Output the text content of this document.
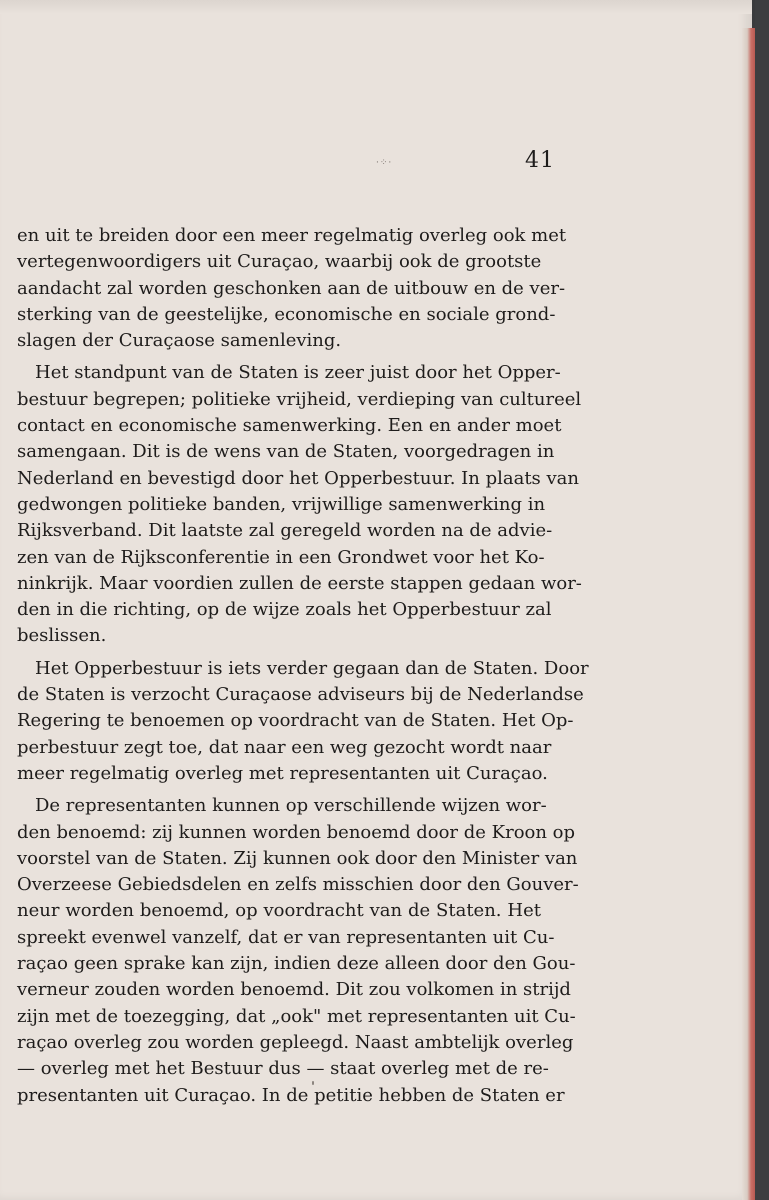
·⁘·	41

en uit te breiden door een meer regelmatig overleg ook met
vertegenwoordigers uit Curaçao, waarbij ook de grootste
aandacht zal worden geschonken aan de uitbouw en de ver-
sterking van de geestelijke, economische en sociale grond-
slagen der Curaçaose samenleving.

Het standpunt van de Staten is zeer juist door het Opper-
bestuur begrepen; politieke vrijheid, verdieping van cultureel
contact en economische samenwerking. Een en ander moet
samengaan. Dit is de wens van de Staten, voorgedragen in
Nederland en bevestigd door het Opperbestuur. In plaats van
gedwongen politieke banden, vrijwillige samenwerking in
Rijksverband. Dit laatste zal geregeld worden na de advie-
zen van de Rijksconferentie in een Grondwet voor het Ko-
ninkrijk. Maar voordien zullen de eerste stappen gedaan wor-
den in die richting, op de wijze zoals het Opperbestuur zal
beslissen.

Het Opperbestuur is iets verder gegaan dan de Staten. Door
de Staten is verzocht Curaçaose adviseurs bij de Nederlandse
Regering te benoemen op voordracht van de Staten. Het Op-
perbestuur zegt toe, dat naar een weg gezocht wordt naar
meer regelmatig overleg met representanten uit Curaçao.

De representanten kunnen op verschillende wijzen wor-
den benoemd: zij kunnen worden benoemd door de Kroon op
voorstel van de Staten. Zij kunnen ook door den Minister van
Overzeese Gebiedsdelen en zelfs misschien door den Gouver-
neur worden benoemd, op voordracht van de Staten. Het
spreekt evenwel vanzelf, dat er van representanten uit Cu-
raçao geen sprake kan zijn, indien deze alleen door den Gou-
verneur zouden worden benoemd. Dit zou volkomen in strijd
zijn met de toezegging, dat „ook" met representanten uit Cu-
raçao overleg zou worden gepleegd. Naast ambtelijk overleg
— overleg met het Bestuur dus — staat overleg met de re-
presentanten uit Curaçao. In de petitie hebben de Staten er
